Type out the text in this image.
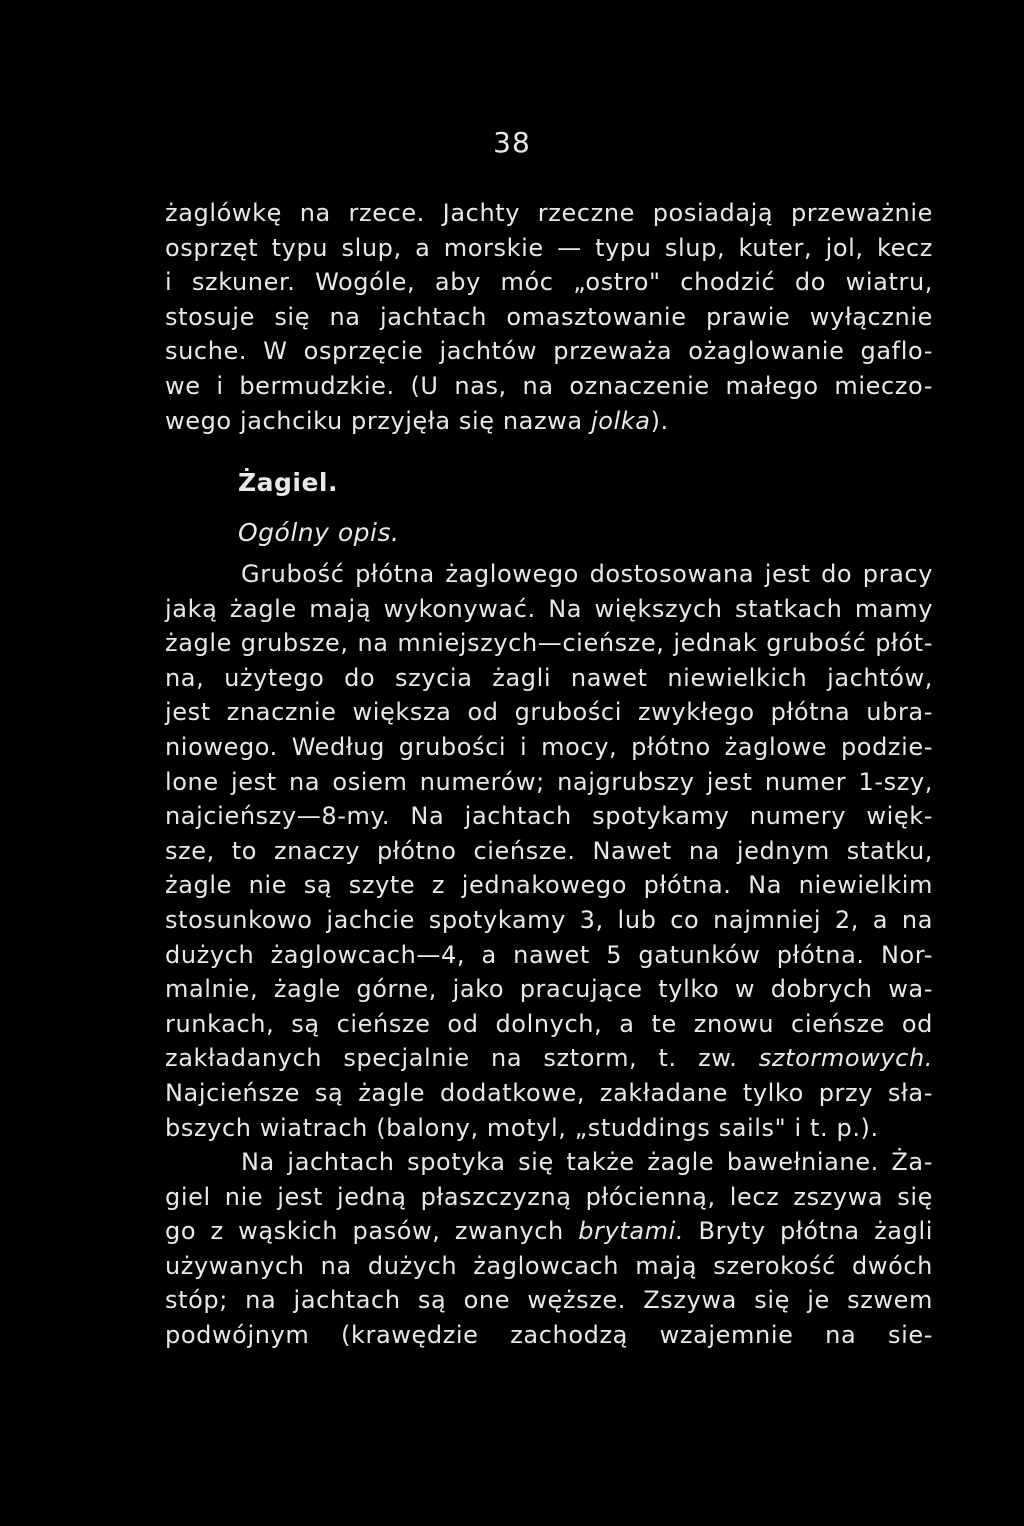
38
żaglówkę na rzece. Jachty rzeczne posiadają przeważnie
osprzęt typu slup, a morskie — typu slup, kuter, jol, kecz
i szkuner. Wogóle, aby móc „ostro" chodzić do wiatru,
stosuje się na jachtach omasztowanie prawie wyłącznie
suche. W osprzęcie jachtów przeważa ożaglowanie gaflo-
we i bermudzkie. (U nas, na oznaczenie małego mieczo-
wego jachciku przyjęła się nazwa jolka).
Żagiel.
Ogólny opis.
Grubość płótna żaglowego dostosowana jest do pracy
jaką żagle mają wykonywać. Na większych statkach mamy
żagle grubsze, na mniejszych—cieńsze, jednak grubość płót-
na, użytego do szycia żagli nawet niewielkich jachtów,
jest znacznie większa od grubości zwykłego płótna ubra-
niowego. Według grubości i mocy, płótno żaglowe podzie-
lone jest na osiem numerów; najgrubszy jest numer 1-szy,
najcieńszy—8-my. Na jachtach spotykamy numery więk-
sze, to znaczy płótno cieńsze. Nawet na jednym statku,
żagle nie są szyte z jednakowego płótna. Na niewielkim
stosunkowo jachcie spotykamy 3, lub co najmniej 2, a na
dużych żaglowcach—4, a nawet 5 gatunków płótna. Nor-
malnie, żagle górne, jako pracujące tylko w dobrych wa-
runkach, są cieńsze od dolnych, a te znowu cieńsze od
zakładanych specjalnie na sztorm, t. zw. sztormowych.
Najcieńsze są żagle dodatkowe, zakładane tylko przy sła-
bszych wiatrach (balony, motyl, „studdings sails" i t. p.).
Na jachtach spotyka się także żagle bawełniane. Ża-
giel nie jest jedną płaszczyzną płócienną, lecz zszywa się
go z wąskich pasów, zwanych brytami. Bryty płótna żagli
używanych na dużych żaglowcach mają szerokość dwóch
stóp; na jachtach są one węższe. Zszywa się je szwem
podwójnym (krawędzie zachodzą wzajemnie na sie-
